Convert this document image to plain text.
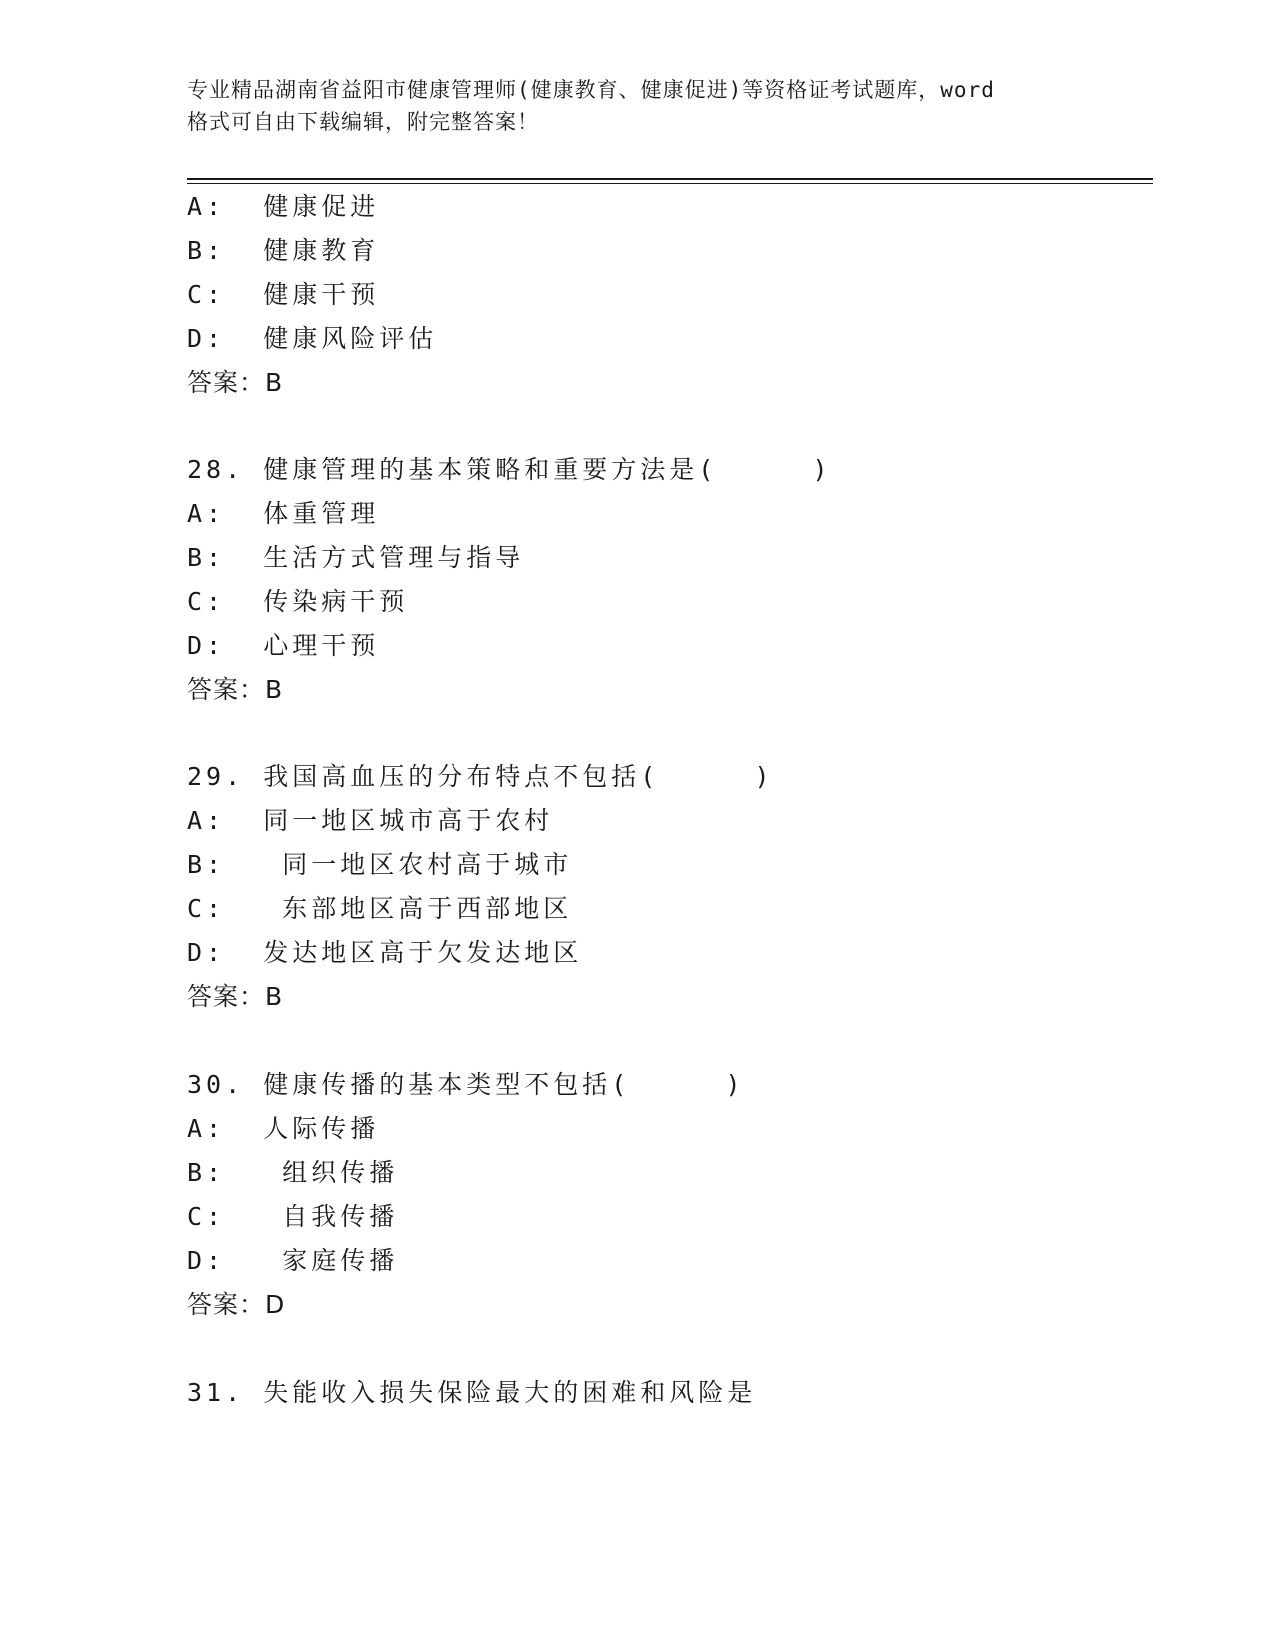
专业精品湖南省益阳市健康管理师(健康教育、健康促进)等资格证考试题库，word
格式可自由下载编辑，附完整答案！
A:  健康促进
B:  健康教育
C:  健康干预
D:  健康风险评估
答案：B
28. 健康管理的基本策略和重要方法是(     )
A:  体重管理
B:  生活方式管理与指导
C:  传染病干预
D:  心理干预
答案：B
29. 我国高血压的分布特点不包括(     )
A:  同一地区城市高于农村
B:   同一地区农村高于城市
C:   东部地区高于西部地区
D:  发达地区高于欠发达地区
答案：B
30. 健康传播的基本类型不包括(     )
A:  人际传播
B:   组织传播
C:   自我传播
D:   家庭传播
答案：D
31. 失能收入损失保险最大的困难和风险是
